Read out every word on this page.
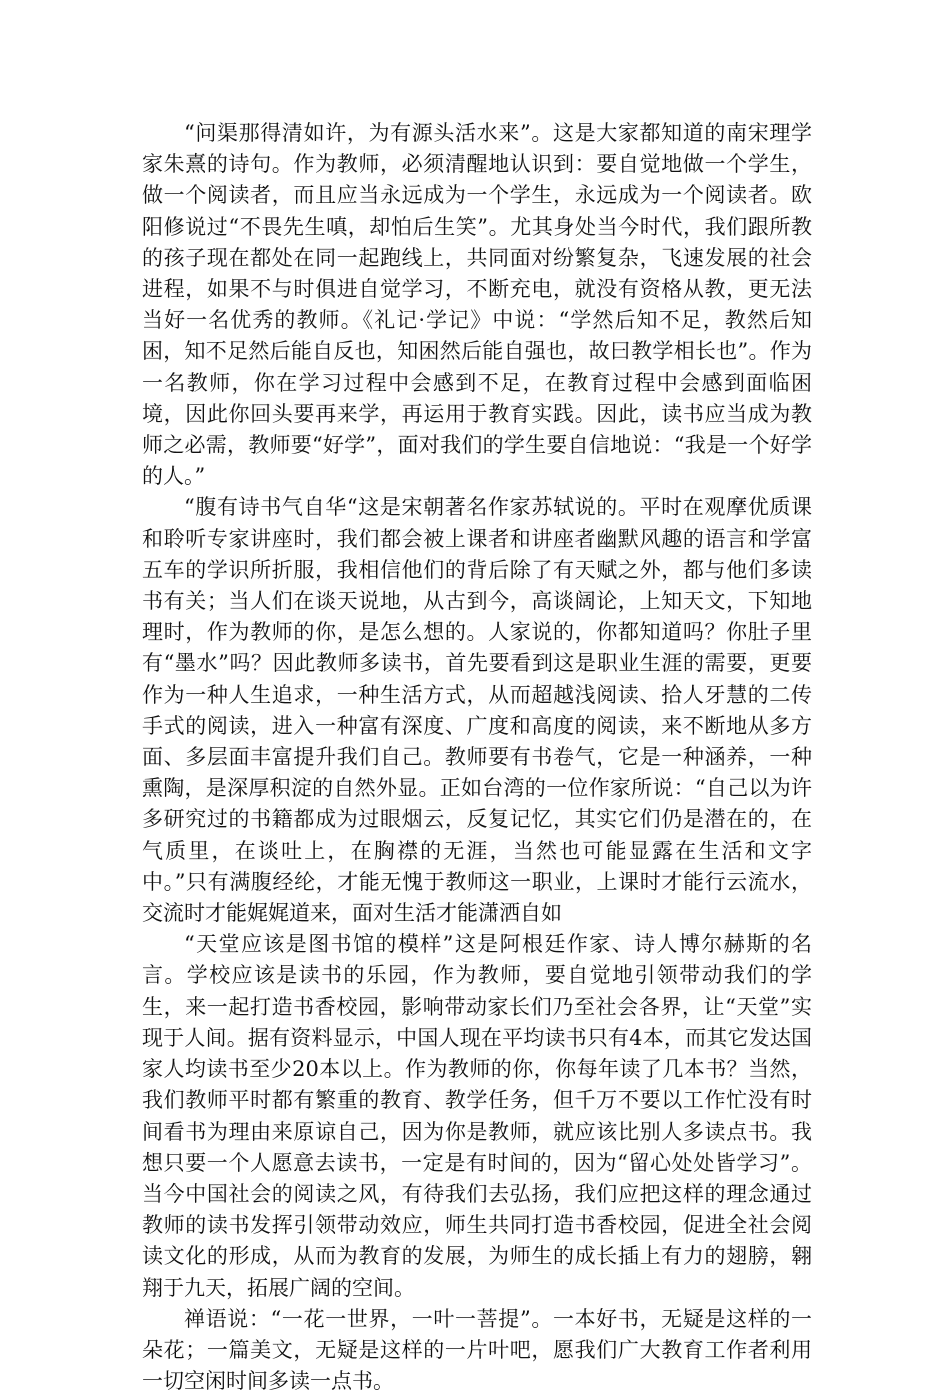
“问渠那得清如许，为有源头活水来”。这是大家都知道的南宋理学家朱熹的诗句。作为教师，必须清醒地认识到：要自觉地做一个学生，做一个阅读者，而且应当永远成为一个学生，永远成为一个阅读者。欧阳修说过“不畏先生嗔，却怕后生笑”。尤其身处当今时代，我们跟所教的孩子现在都处在同一起跑线上，共同面对纷繁复杂，飞速发展的社会进程，如果不与时俱进自觉学习，不断充电，就没有资格从教，更无法当好一名优秀的教师。《礼记·学记》中说：“学然后知不足，教然后知困，知不足然后能自反也，知困然后能自强也，故曰教学相长也”。作为一名教师，你在学习过程中会感到不足，在教育过程中会感到面临困境，因此你回头要再来学，再运用于教育实践。因此，读书应当成为教师之必需，教师要“好学”，面对我们的学生要自信地说：“我是一个好学的人。”

“腹有诗书气自华“这是宋朝著名作家苏轼说的。平时在观摩优质课和聆听专家讲座时，我们都会被上课者和讲座者幽默风趣的语言和学富五车的学识所折服，我相信他们的背后除了有天赋之外，都与他们多读书有关；当人们在谈天说地，从古到今，高谈阔论，上知天文，下知地理时，作为教师的你，是怎么想的。人家说的，你都知道吗？你肚子里有“墨水”吗？因此教师多读书，首先要看到这是职业生涯的需要，更要作为一种人生追求，一种生活方式，从而超越浅阅读、拾人牙慧的二传手式的阅读，进入一种富有深度、广度和高度的阅读，来不断地从多方面、多层面丰富提升我们自己。教师要有书卷气，它是一种涵养，一种熏陶，是深厚积淀的自然外显。正如台湾的一位作家所说：“自己以为许多研究过的书籍都成为过眼烟云，反复记忆，其实它们仍是潜在的，在气质里，在谈吐上，在胸襟的无涯，当然也可能显露在生活和文字中。”只有满腹经纶，才能无愧于教师这一职业，上课时才能行云流水，交流时才能娓娓道来，面对生活才能潇洒自如

“天堂应该是图书馆的模样”这是阿根廷作家、诗人博尔赫斯的名言。学校应该是读书的乐园，作为教师，要自觉地引领带动我们的学生，来一起打造书香校园，影响带动家长们乃至社会各界，让“天堂”实现于人间。据有资料显示，中国人现在平均读书只有4本，而其它发达国家人均读书至少20本以上。作为教师的你，你每年读了几本书？当然，我们教师平时都有繁重的教育、教学任务，但千万不要以工作忙没有时间看书为理由来原谅自己，因为你是教师，就应该比别人多读点书。我想只要一个人愿意去读书，一定是有时间的，因为“留心处处皆学习”。当今中国社会的阅读之风，有待我们去弘扬，我们应把这样的理念通过教师的读书发挥引领带动效应，师生共同打造书香校园，促进全社会阅读文化的形成，从而为教育的发展，为师生的成长插上有力的翅膀，翱翔于九天，拓展广阔的空间。

禅语说：“一花一世界，一叶一菩提”。一本好书，无疑是这样的一朵花；一篇美文，无疑是这样的一片叶吧，愿我们广大教育工作者利用一切空闲时间多读一点书。
